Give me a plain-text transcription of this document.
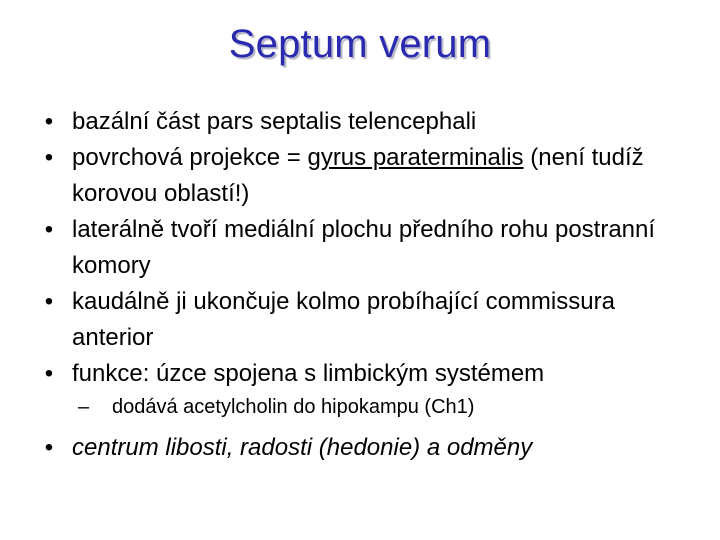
Septum verum
• bazální část pars septalis telencephali
• povrchová projekce = gyrus paraterminalis (není tudíž korovou oblastí!)
• laterálně tvoří mediální plochu předního rohu postranní komory
• kaudálně ji ukončuje kolmo probíhající commissura anterior
• funkce: úzce spojena s limbickým systémem
– dodává acetylcholin do hipokampu (Ch1)
• centrum libosti, radosti (hedonie) a odměny
